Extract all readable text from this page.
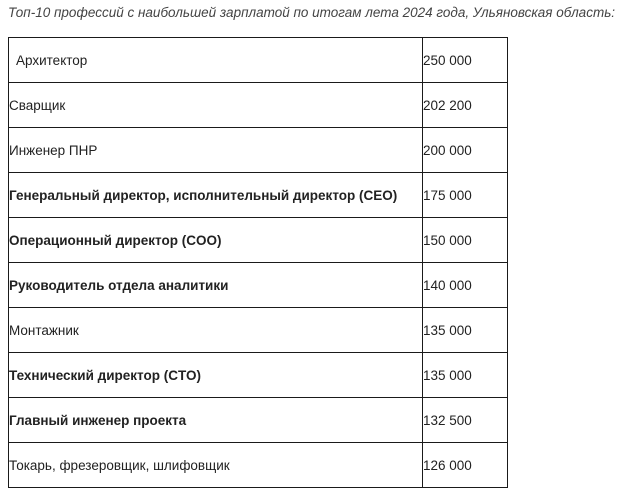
Топ-10 профессий с наибольшей зарплатой по итогам лета 2024 года, Ульяновская область:
Архитектор	250 000
Сварщик	202 200
Инженер ПНР	200 000
Генеральный директор, исполнительный директор (CEO)	175 000
Операционный директор (COO)	150 000
Руководитель отдела аналитики	140 000
Монтажник	135 000
Технический директор (CTO)	135 000
Главный инженер проекта	132 500
Токарь, фрезеровщик, шлифовщик	126 000
